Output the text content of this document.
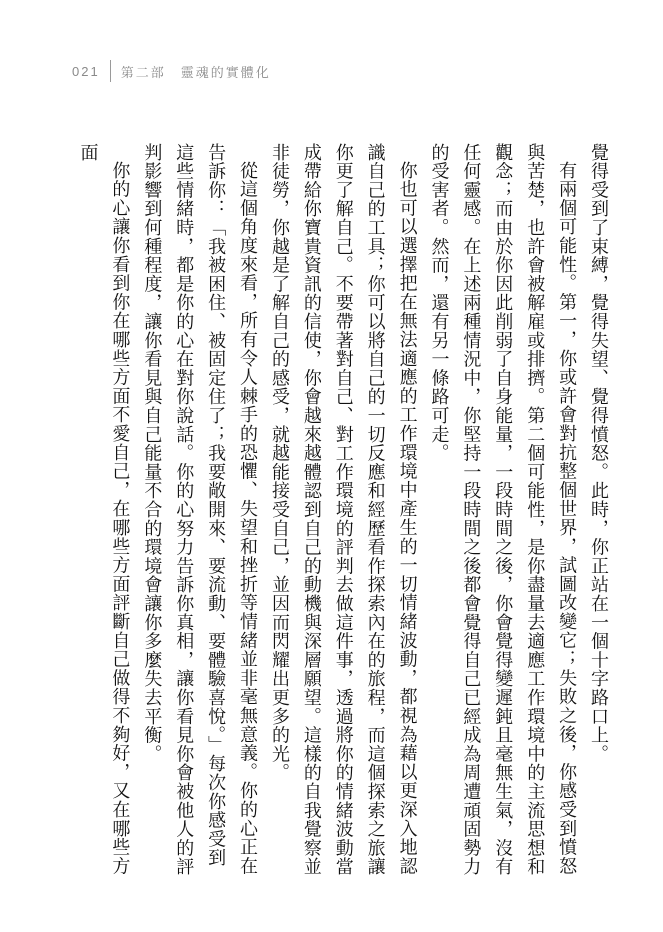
021 第二部　靈魂的實體化

覺得受到了束縛，覺得失望、覺得憤怒。此時，你正站在一個十字路口上。

有兩個可能性。第一，你或許會對抗整個世界，試圖改變它；失敗之後，你感受到憤怒與苦楚，也許會被解雇或排擠。第二個可能性，是你盡量去適應工作環境中的主流思想和觀念；而由於你因此削弱了自身能量，一段時間之後，你會覺得變遲鈍且毫無生氣，沒有任何靈感。在上述兩種情況中，你堅持一段時間之後都會覺得自己已經成為周遭頑固勢力的受害者。然而，還有另一條路可走。

你也可以選擇把在無法適應的工作環境中產生的一切情緒波動，都視為藉以更深入地認識自己的工具；你可以將自己的一切反應和經歷看作探索內在的旅程，而這個探索之旅讓你更了解自己。不要帶著對自己、對工作環境的評判去做這件事，透過將你的情緒波動當成帶給你寶貴資訊的信使，你會越來越體認到自己的動機與深層願望。這樣的自我覺察並非徒勞，你越是了解自己的感受，就越能接受自己，並因而閃耀出更多的光。

從這個角度來看，所有令人棘手的恐懼、失望和挫折等情緒並非毫無意義。你的心正在告訴你：「我被困住、被固定住了；我要敞開來、要流動、要體驗喜悅。」每次你感受到這些情緒時，都是你的心在對你說話。你的心努力告訴你真相，讓你看見你會被他人的評判影響到何種程度，讓你看見與自己能量不合的環境會讓你多麼失去平衡。

你的心讓你看到你在哪些方面不愛自己，在哪些方面評斷自己做得不夠好，又在哪些方面
